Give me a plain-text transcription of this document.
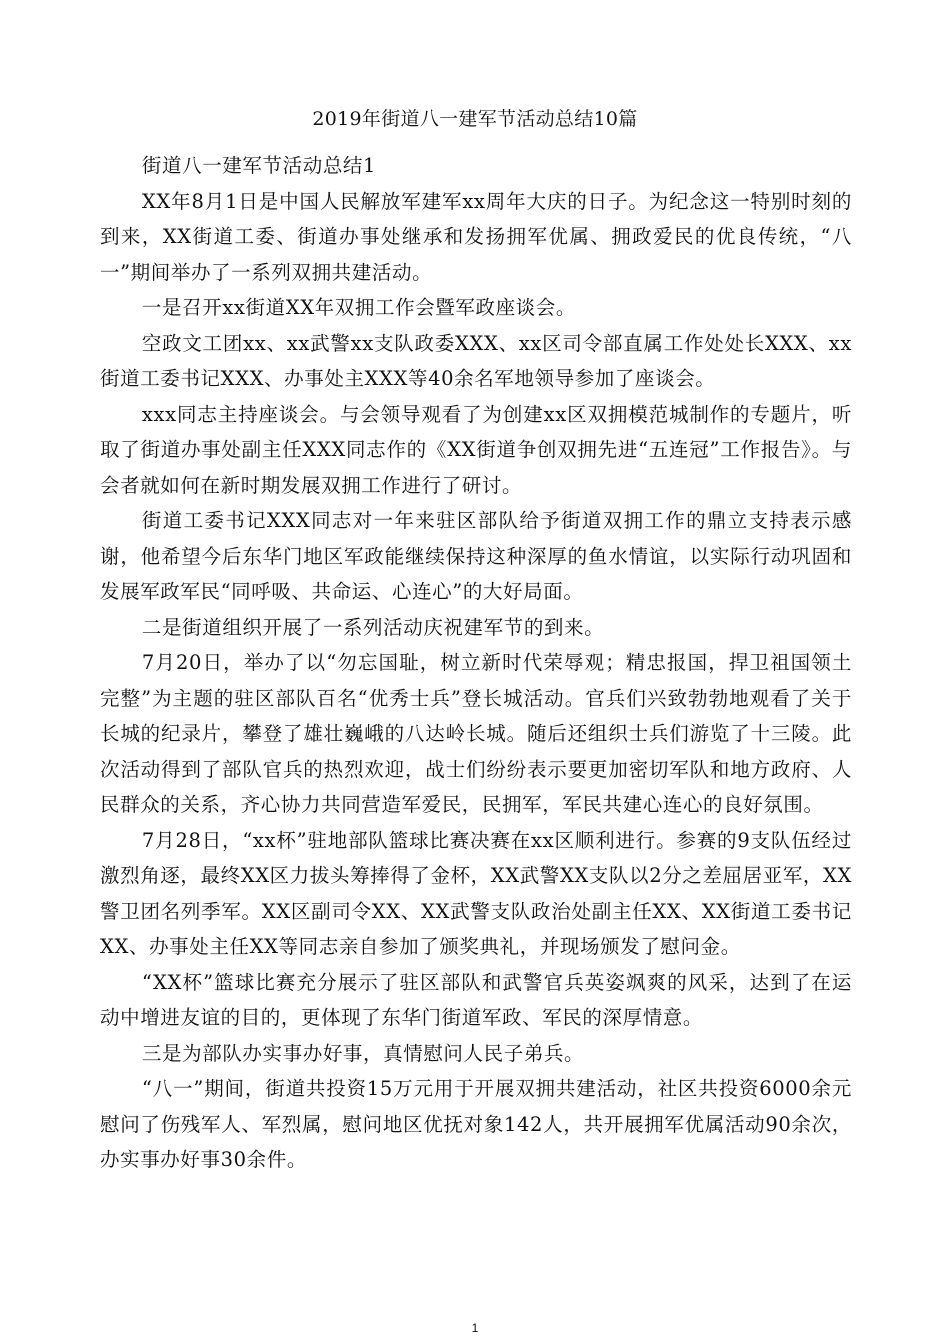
2019年街道八一建军节活动总结10篇

街道八一建军节活动总结1

XX年8月1日是中国人民解放军建军xx周年大庆的日子。为纪念这一特别时刻的到来，XX街道工委、街道办事处继承和发扬拥军优属、拥政爱民的优良传统，“八一”期间举办了一系列双拥共建活动。

一是召开xx街道XX年双拥工作会暨军政座谈会。

空政文工团xx、xx武警xx支队政委XXX、xx区司令部直属工作处处长XXX、xx街道工委书记XXX、办事处主XXX等40余名军地领导参加了座谈会。

xxx同志主持座谈会。与会领导观看了为创建xx区双拥模范城制作的专题片，听取了街道办事处副主任XXX同志作的《XX街道争创双拥先进“五连冠”工作报告》。与会者就如何在新时期发展双拥工作进行了研讨。

街道工委书记XXX同志对一年来驻区部队给予街道双拥工作的鼎立支持表示感谢，他希望今后东华门地区军政能继续保持这种深厚的鱼水情谊，以实际行动巩固和发展军政军民“同呼吸、共命运、心连心”的大好局面。

二是街道组织开展了一系列活动庆祝建军节的到来。

7月20日，举办了以“勿忘国耻，树立新时代荣辱观；精忠报国，捍卫祖国领土完整”为主题的驻区部队百名“优秀士兵”登长城活动。官兵们兴致勃勃地观看了关于长城的纪录片，攀登了雄壮巍峨的八达岭长城。随后还组织士兵们游览了十三陵。此次活动得到了部队官兵的热烈欢迎，战士们纷纷表示要更加密切军队和地方政府、人民群众的关系，齐心协力共同营造军爱民，民拥军，军民共建心连心的良好氛围。

7月28日，“xx杯”驻地部队篮球比赛决赛在xx区顺利进行。参赛的9支队伍经过激烈角逐，最终XX区力拔头筹捧得了金杯，XX武警XX支队以2分之差屈居亚军，XX警卫团名列季军。XX区副司令XX、XX武警支队政治处副主任XX、XX街道工委书记XX、办事处主任XX等同志亲自参加了颁奖典礼，并现场颁发了慰问金。

“XX杯”篮球比赛充分展示了驻区部队和武警官兵英姿飒爽的风采，达到了在运动中增进友谊的目的，更体现了东华门街道军政、军民的深厚情意。

三是为部队办实事办好事，真情慰问人民子弟兵。

“八一”期间，街道共投资15万元用于开展双拥共建活动，社区共投资6000余元慰问了伤残军人、军烈属，慰问地区优抚对象142人，共开展拥军优属活动90余次，办实事办好事30余件。

1
